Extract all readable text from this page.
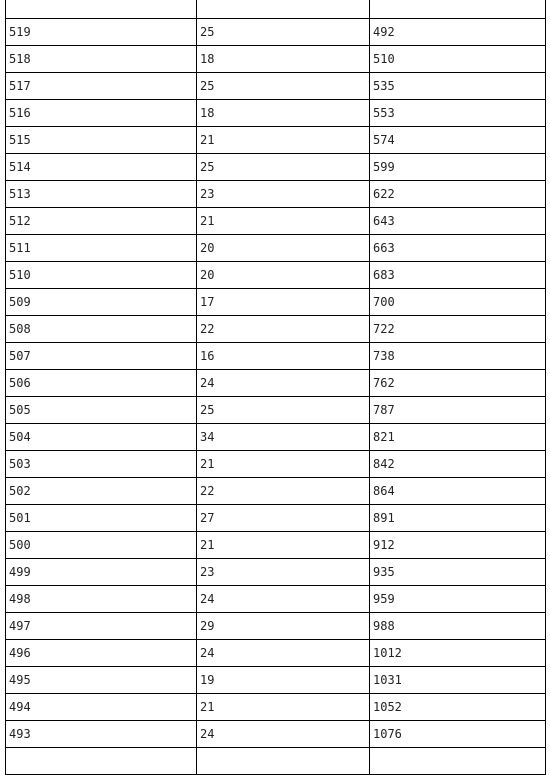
519	25	492
518	18	510
517	25	535
516	18	553
515	21	574
514	25	599
513	23	622
512	21	643
511	20	663
510	20	683
509	17	700
508	22	722
507	16	738
506	24	762
505	25	787
504	34	821
503	21	842
502	22	864
501	27	891
500	21	912
499	23	935
498	24	959
497	29	988
496	24	1012
495	19	1031
494	21	1052
493	24	1076
